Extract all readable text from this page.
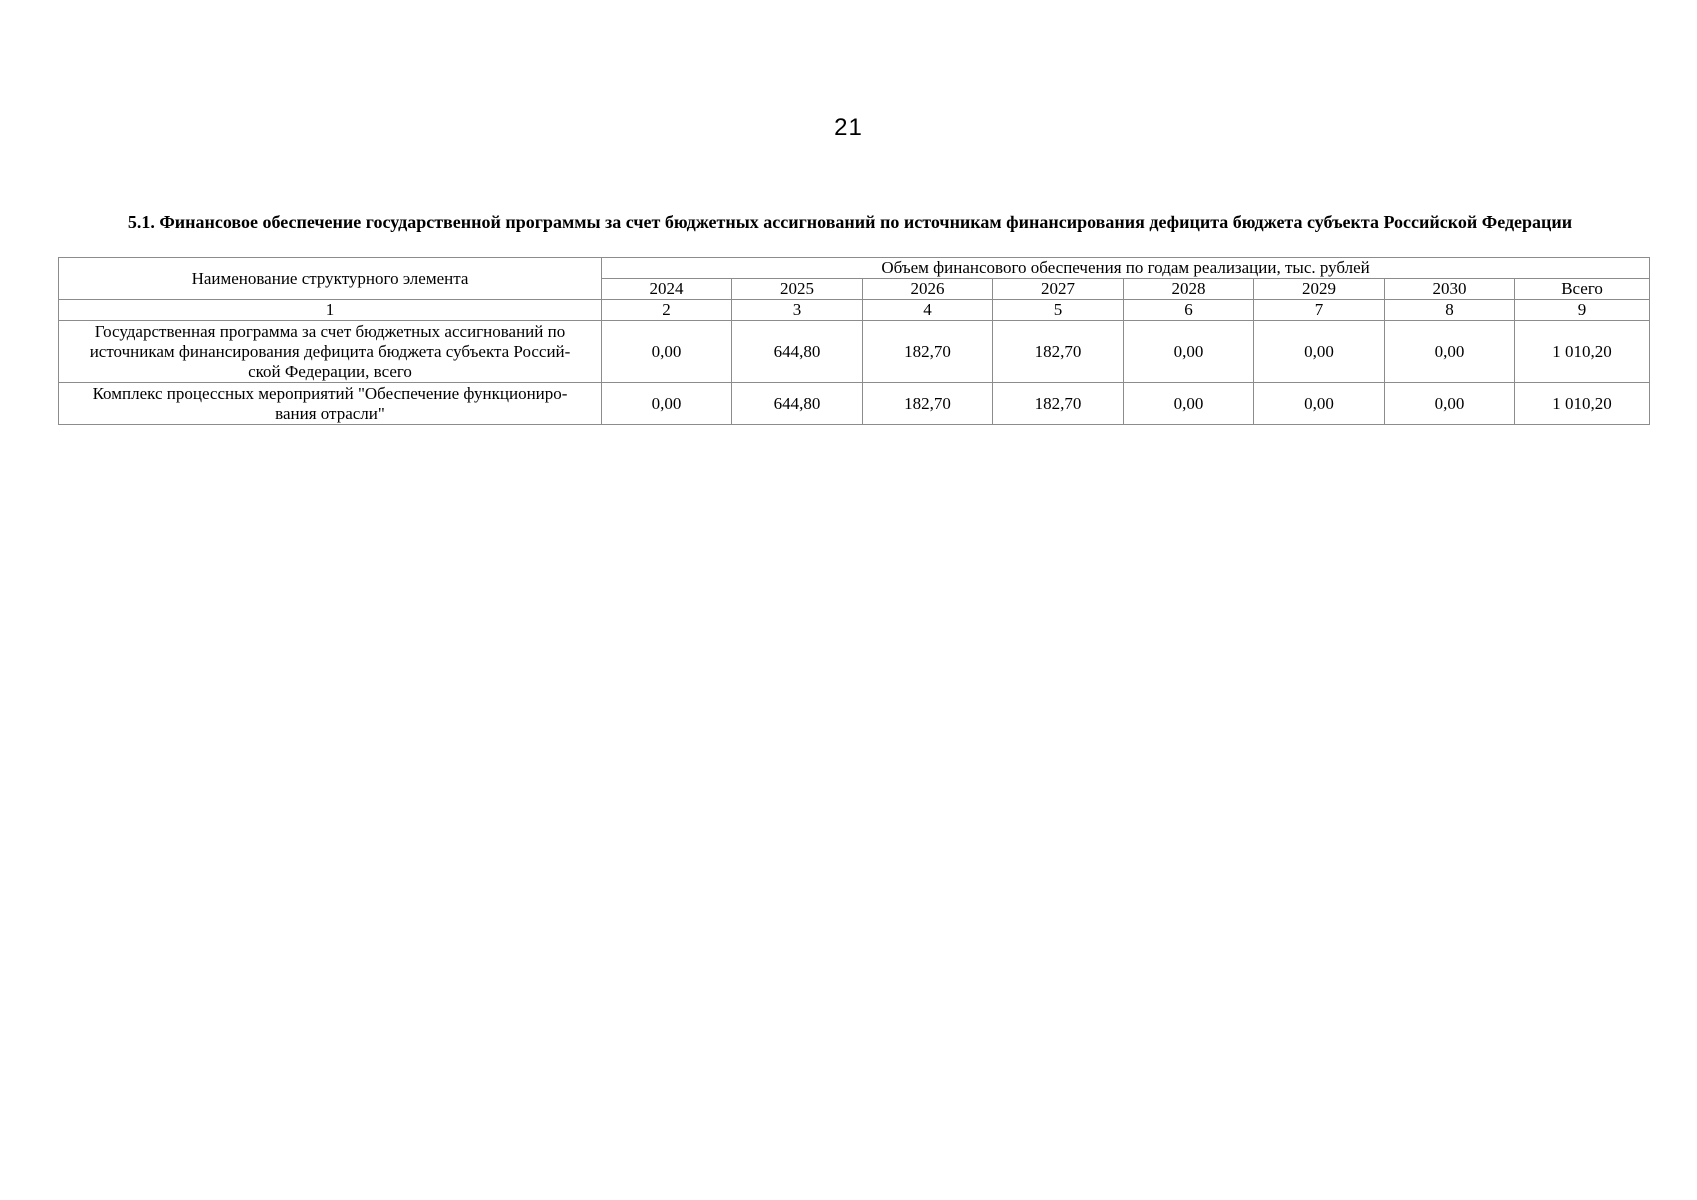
21
5.1. Финансовое обеспечение государственной программы за счет бюджетных ассигнований по источникам финансирования дефицита бюджета субъекта Российской Федерации
Наименование структурного элемента	Объем финансового обеспечения по годам реализации, тыс. рублей							
	2024	2025	2026	2027	2028	2029	2030	Всего
1	2	3	4	5	6	7	8	9

Государственная программа за счет бюджетных ассигнований по
источникам финансирования дефицита бюджета субъекта Россий-
ской Федерации, всего	0,00	644,80	182,70	182,70	0,00	0,00	0,00	1 010,20

Комплекс процессных мероприятий "Обеспечение функциониро-
вания отрасли"	0,00	644,80	182,70	182,70	0,00	0,00	0,00	1 010,20
